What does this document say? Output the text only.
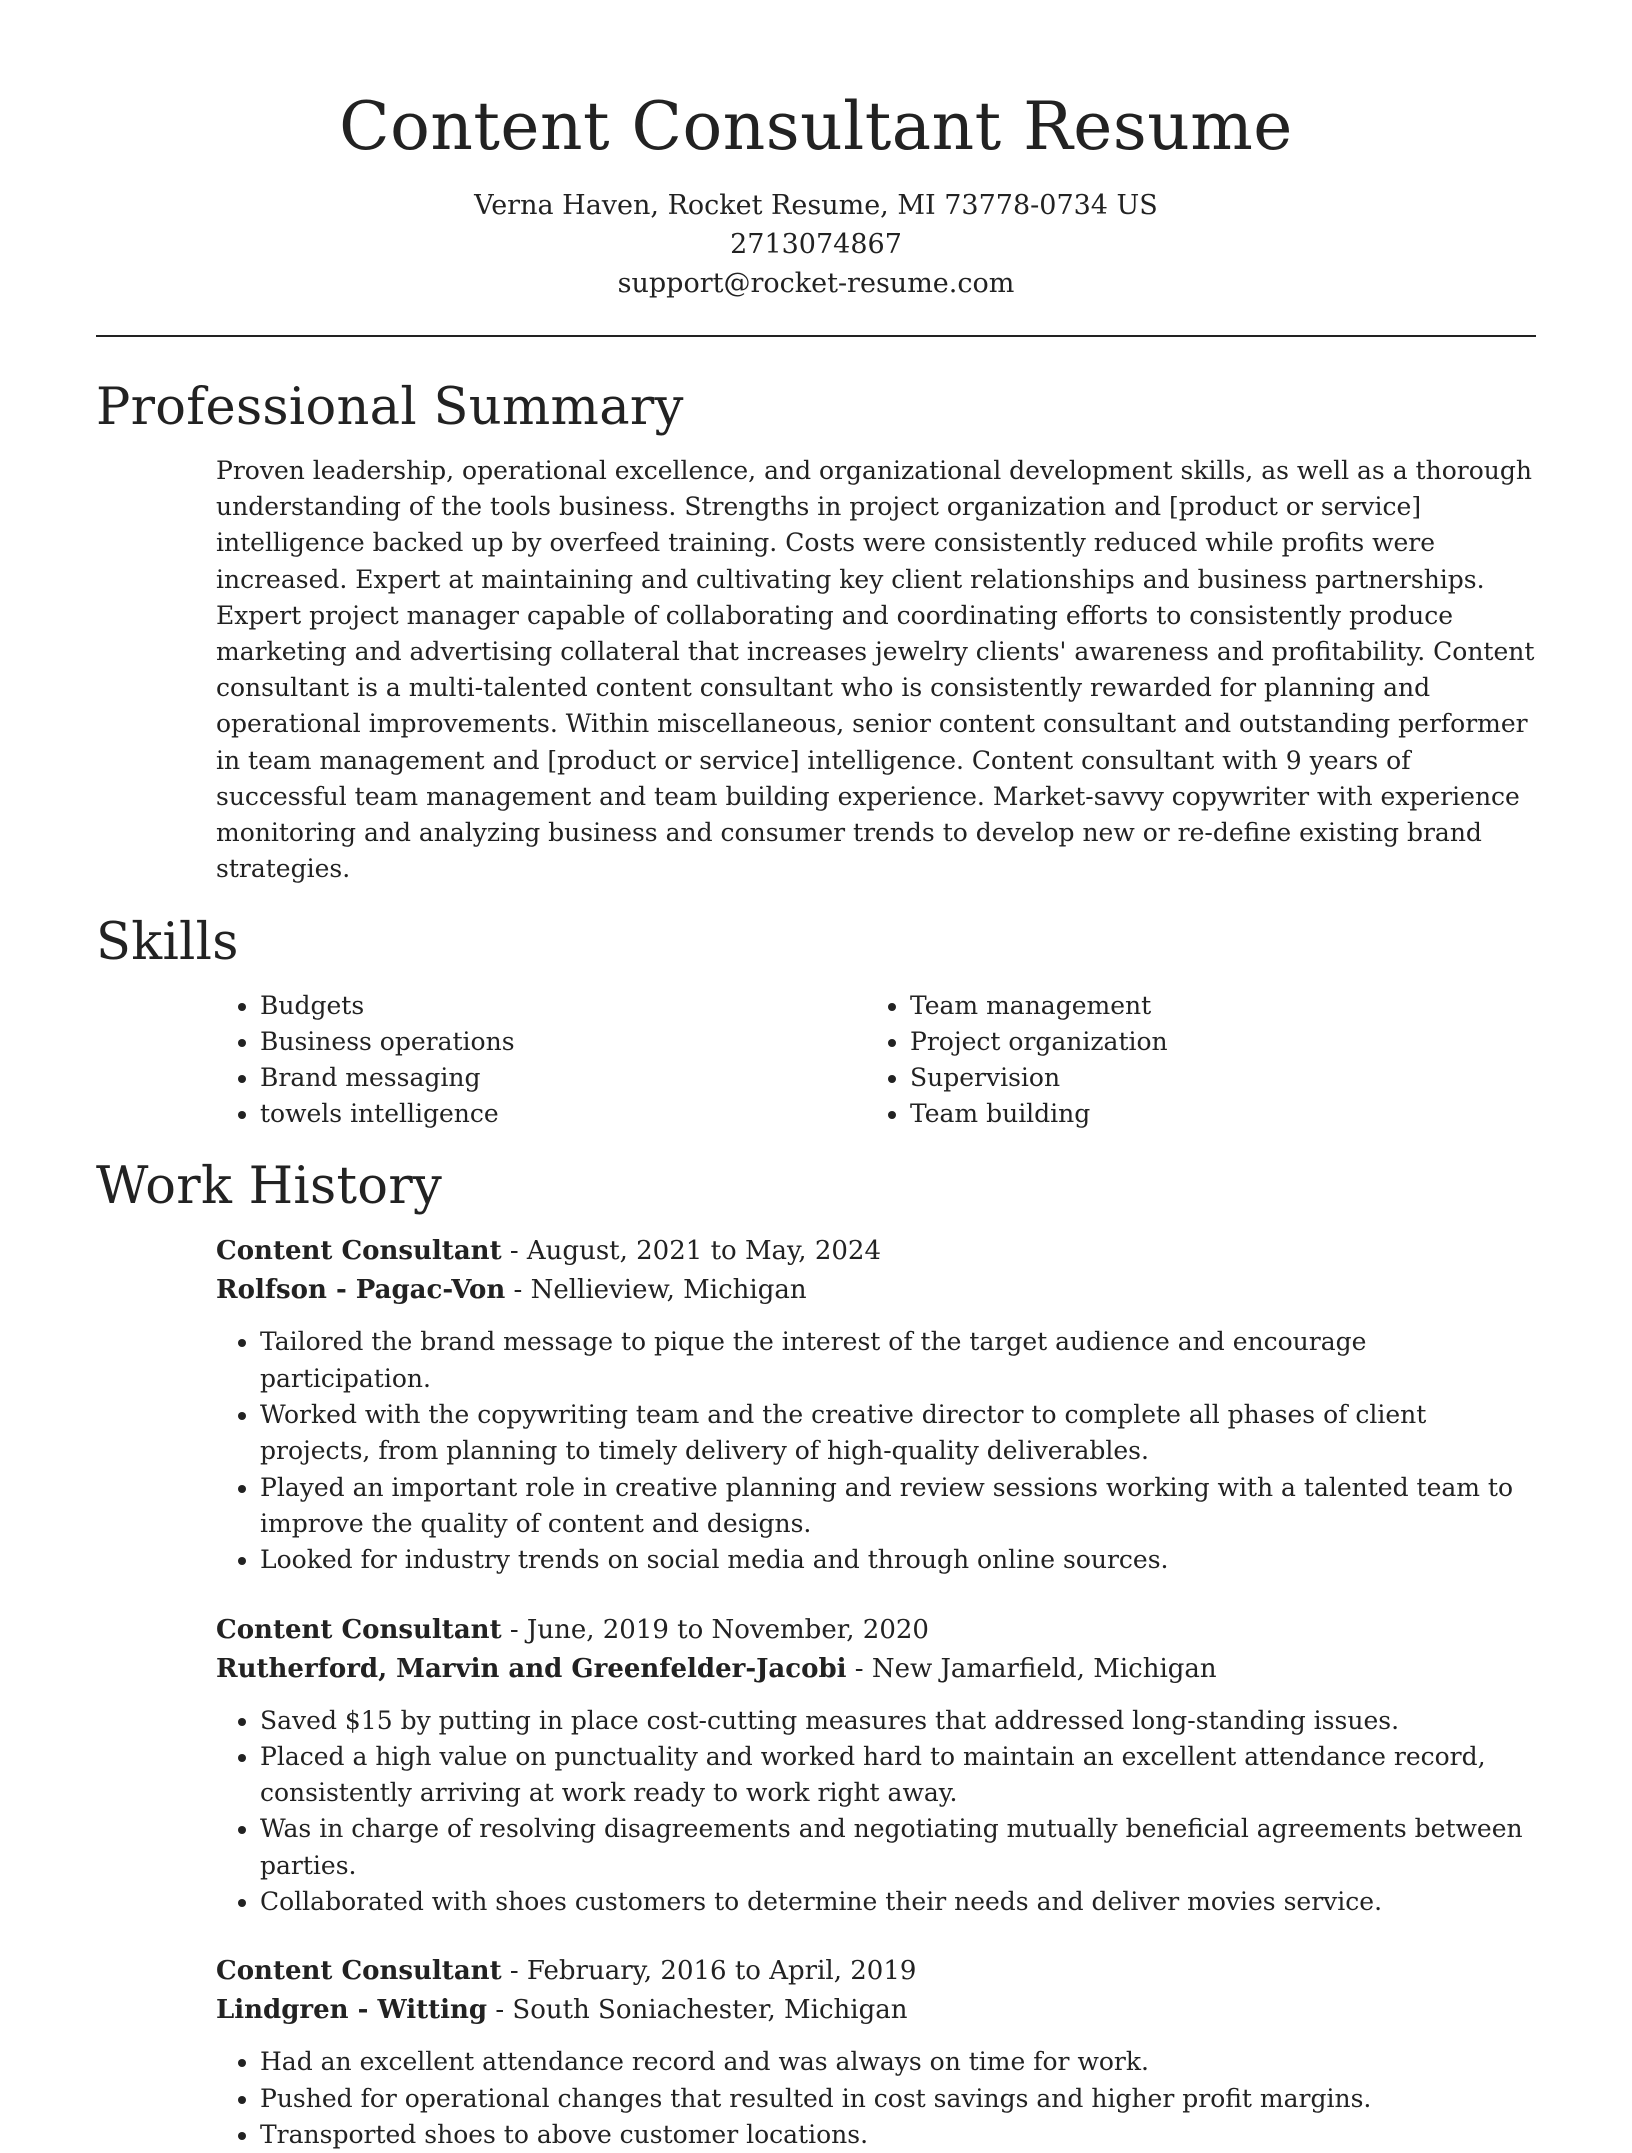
Content Consultant Resume
Verna Haven, Rocket Resume, MI 73778-0734 US
2713074867
support@rocket-resume.com
Professional Summary
Proven leadership, operational excellence, and organizational development skills, as well as a thorough understanding of the tools business. Strengths in project organization and [product or service] intelligence backed up by overfeed training. Costs were consistently reduced while profits were increased. Expert at maintaining and cultivating key client relationships and business partnerships. Expert project manager capable of collaborating and coordinating efforts to consistently produce marketing and advertising collateral that increases jewelry clients' awareness and profitability. Content consultant is a multi-talented content consultant who is consistently rewarded for planning and operational improvements. Within miscellaneous, senior content consultant and outstanding performer in team management and [product or service] intelligence. Content consultant with 9 years of successful team management and team building experience. Market-savvy copywriter with experience monitoring and analyzing business and consumer trends to develop new or re-define existing brand strategies.
Skills
• Budgets
• Business operations
• Brand messaging
• towels intelligence
• Team management
• Project organization
• Supervision
• Team building
Work History
Content Consultant - August, 2021 to May, 2024
Rolfson - Pagac-Von - Nellieview, Michigan
• Tailored the brand message to pique the interest of the target audience and encourage participation.
• Worked with the copywriting team and the creative director to complete all phases of client projects, from planning to timely delivery of high-quality deliverables.
• Played an important role in creative planning and review sessions working with a talented team to improve the quality of content and designs.
• Looked for industry trends on social media and through online sources.
Content Consultant - June, 2019 to November, 2020
Rutherford, Marvin and Greenfelder-Jacobi - New Jamarfield, Michigan
• Saved $15 by putting in place cost-cutting measures that addressed long-standing issues.
• Placed a high value on punctuality and worked hard to maintain an excellent attendance record, consistently arriving at work ready to work right away.
• Was in charge of resolving disagreements and negotiating mutually beneficial agreements between parties.
• Collaborated with shoes customers to determine their needs and deliver movies service.
Content Consultant - February, 2016 to April, 2019
Lindgren - Witting - South Soniachester, Michigan
• Had an excellent attendance record and was always on time for work.
• Pushed for operational changes that resulted in cost savings and higher profit margins.
• Transported shoes to above customer locations.
